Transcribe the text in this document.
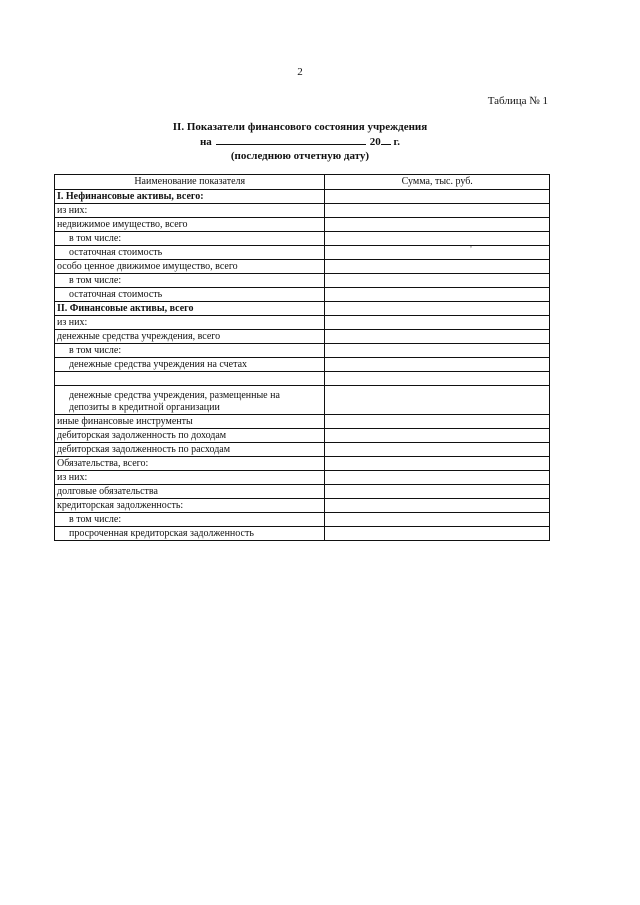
2
Таблица № 1
II. Показатели финансового состояния учреждения
на	20 г.
(последнюю отчетную дату)
Наименование показателя	Сумма, тыс. руб.
I. Нефинансовые активы, всего:	
из них:	
недвижимое имущество, всего	
в том числе:	
остаточная стоимость	
особо ценное движимое имущество, всего	
в том числе:	
остаточная стоимость	
II. Финансовые активы, всего	
из них:	
денежные средства учреждения, всего	
в том числе:	
денежные средства учреждения на счетах	

денежные средства учреждения, размещенные на депозиты в кредитной организации	
иные финансовые инструменты	
дебиторская задолженность по доходам	
дебиторская задолженность по расходам	
Обязательства, всего:	
из них:	
долговые обязательства	
кредиторская задолженность:	
в том числе:	
просроченная кредиторская задолженность	
,
